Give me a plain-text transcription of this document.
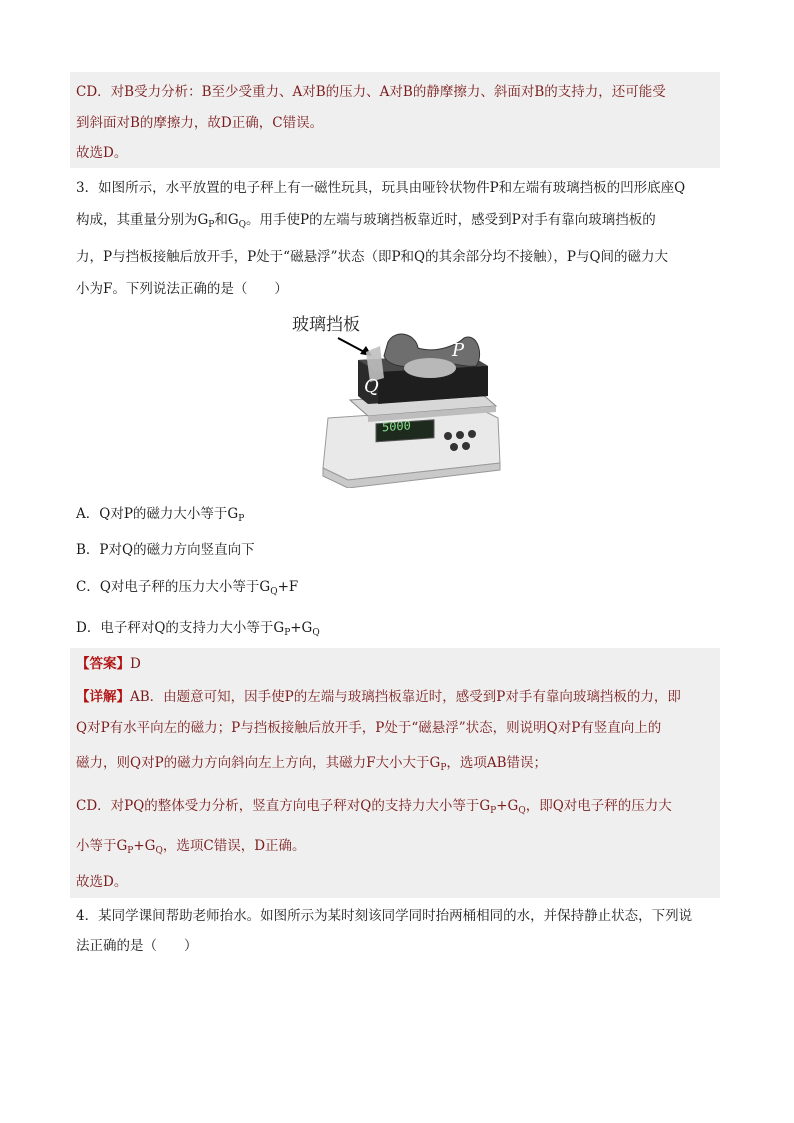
CD．对B受力分析：B至少受重力、A对B的压力、A对B的静摩擦力、斜面对B的支持力，还可能受
到斜面对B的摩擦力，故D正确，C错误。
故选D。
3．如图所示，水平放置的电子秤上有一磁性玩具，玩具由哑铃状物件P和左端有玻璃挡板的凹形底座Q
构成，其重量分别为$G_P$和$G_Q$。用手使P的左端与玻璃挡板靠近时，感受到P对手有靠向玻璃挡板的
力，P与挡板接触后放开手，P处于“磁悬浮”状态（即P和Q的其余部分均不接触），P与Q间的磁力大
小为F。下列说法正确的是（　　）
玻璃挡板
5000
P
Q
A．Q对P的磁力大小等于$G_P$
B．P对Q的磁力方向竖直向下
C．Q对电子秤的压力大小等于$G_Q+F$
D．电子秤对Q的支持力大小等于$G_P+G_Q$
【答案】D
【详解】AB．由题意可知，因手使P的左端与玻璃挡板靠近时，感受到P对手有靠向玻璃挡板的力，即
Q对P有水平向左的磁力；P与挡板接触后放开手，P处于“磁悬浮”状态，则说明Q对P有竖直向上的
磁力，则Q对P的磁力方向斜向左上方向，其磁力F大小大于$G_P$，选项AB错误；
CD．对PQ的整体受力分析，竖直方向电子秤对Q的支持力大小等于$G_P+G_Q$，即Q对电子秤的压力大
小等于$G_P+G_Q$，选项C错误，D正确。
故选D。
4．某同学课间帮助老师抬水。如图所示为某时刻该同学同时抬两桶相同的水，并保持静止状态，下列说
法正确的是（　　）
